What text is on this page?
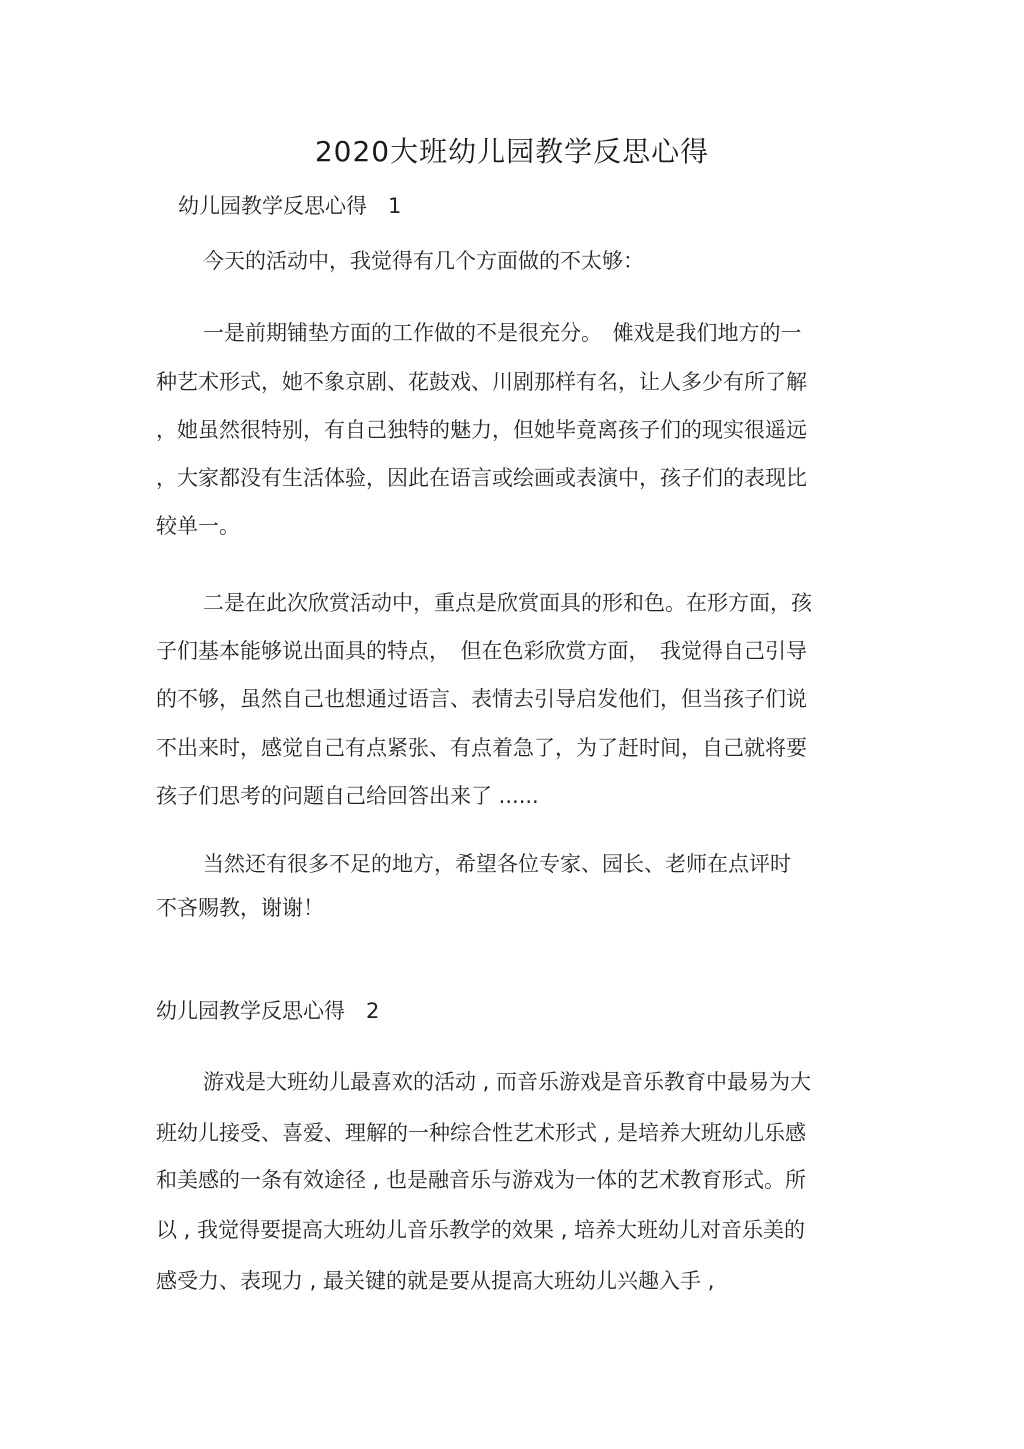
2020大班幼儿园教学反思心得
幼儿园教学反思心得　1
今天的活动中，我觉得有几个方面做的不太够：
一是前期铺垫方面的工作做的不是很充分。　傩戏是我们地方的一
种艺术形式，她不象京剧、花鼓戏、川剧那样有名，让人多少有所了解
，她虽然很特别，有自己独特的魅力，但她毕竟离孩子们的现实很遥远
，大家都没有生活体验，因此在语言或绘画或表演中，孩子们的表现比
较单一。
二是在此次欣赏活动中，重点是欣赏面具的形和色。在形方面，孩
子们基本能够说出面具的特点，　但在色彩欣赏方面，　我觉得自己引导
的不够，虽然自己也想通过语言、表情去引导启发他们，但当孩子们说
不出来时，感觉自己有点紧张、有点着急了，为了赶时间，自己就将要
孩子们思考的问题自己给回答出来了 ......
当然还有很多不足的地方，希望各位专家、园长、老师在点评时
不吝赐教，谢谢！
幼儿园教学反思心得　2
游戏是大班幼儿最喜欢的活动 , 而音乐游戏是音乐教育中最易为大
班幼儿接受、喜爱、理解的一种综合性艺术形式 , 是培养大班幼儿乐感
和美感的一条有效途径 , 也是融音乐与游戏为一体的艺术教育形式。所
以 , 我觉得要提高大班幼儿音乐教学的效果 , 培养大班幼儿对音乐美的
感受力、表现力 , 最关键的就是要从提高大班幼儿兴趣入手 ,
